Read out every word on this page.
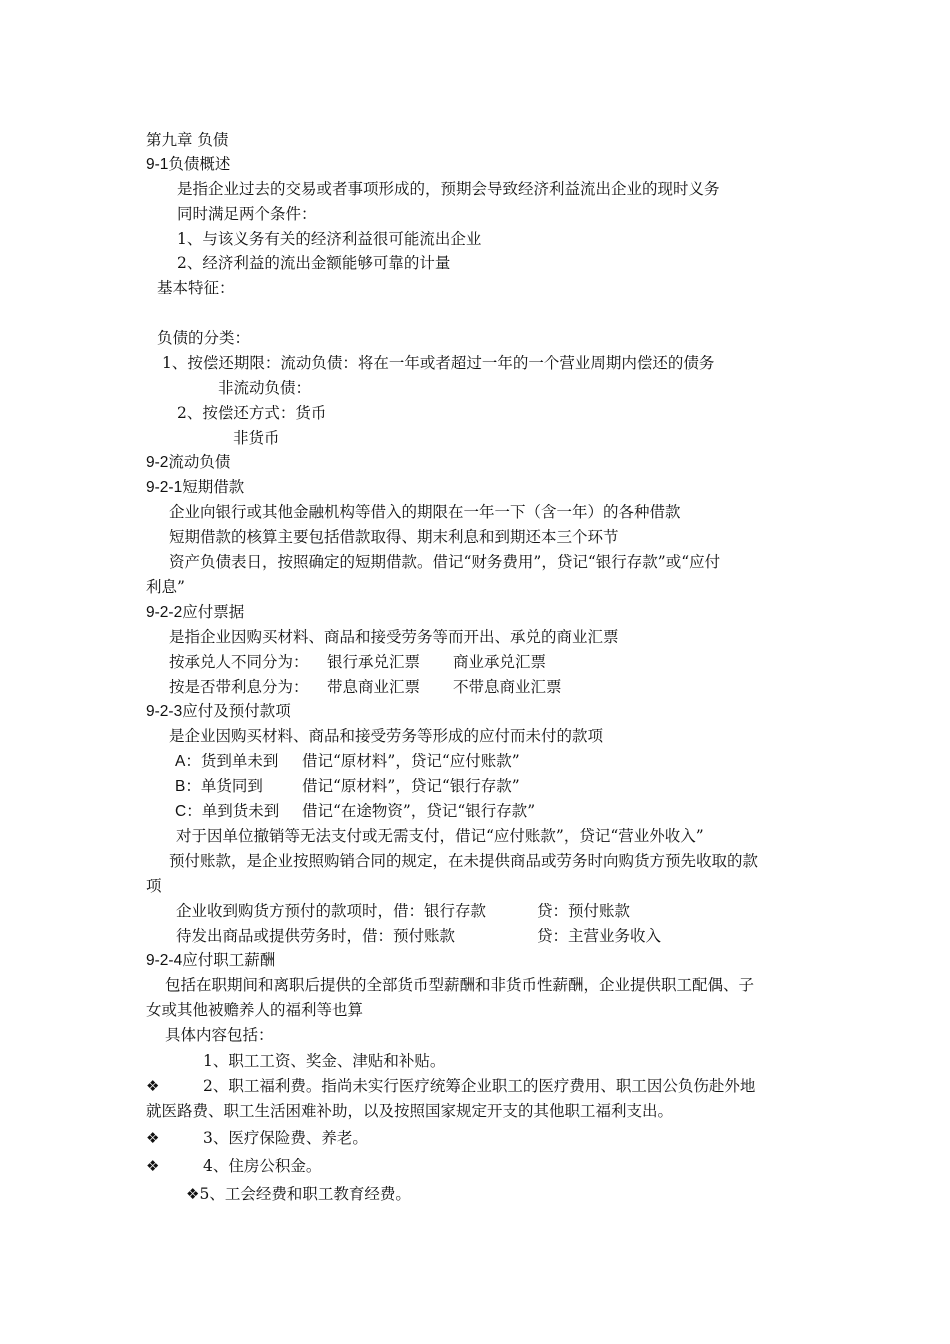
第九章 负债
9-1负债概述
是指企业过去的交易或者事项形成的，预期会导致经济利益流出企业的现时义务
同时满足两个条件：
1、与该义务有关的经济利益很可能流出企业
2、经济利益的流出金额能够可靠的计量
基本特征：
负债的分类：
1、按偿还期限：流动负债：将在一年或者超过一年的一个营业周期内偿还的债务
非流动负债：
2、按偿还方式：货币
非货币
9-2流动负债
9-2-1短期借款
企业向银行或其他金融机构等借入的期限在一年一下（含一年）的各种借款
短期借款的核算主要包括借款取得、期末利息和到期还本三个环节
资产负债表日，按照确定的短期借款。借记“财务费用”，贷记“银行存款”或“应付
利息”
9-2-2应付票据
是指企业因购买材料、商品和接受劳务等而开出、承兑的商业汇票
按承兑人不同分为： 银行承兑汇票 商业承兑汇票
按是否带利息分为： 带息商业汇票 不带息商业汇票
9-2-3应付及预付款项
是企业因购买材料、商品和接受劳务等形成的应付而未付的款项
A：货到单未到 借记“原材料”，贷记“应付账款”
B：单货同到	借记“原材料”，贷记“银行存款”
C：单到货未到 借记“在途物资”，贷记“银行存款”
对于因单位撤销等无法支付或无需支付，借记“应付账款”，贷记“营业外收入”
预付账款，是企业按照购销合同的规定，在未提供商品或劳务时向购货方预先收取的款
项
企业收到购货方预付的款项时，借：银行存款	贷：预付账款
待发出商品或提供劳务时，借：预付账款	贷：主营业务收入
9-2-4应付职工薪酬
包括在职期间和离职后提供的全部货币型薪酬和非货币性薪酬，企业提供职工配偶、子
女或其他被赡养人的福利等也算
具体内容包括：
1、职工工资、奖金、津贴和补贴。
❖	2、职工福利费。指尚未实行医疗统筹企业职工的医疗费用、职工因公负伤赴外地
就医路费、职工生活困难补助，以及按照国家规定开支的其他职工福利支出。
❖	3、医疗保险费、养老。
❖	4、住房公积金。
❖5、工会经费和职工教育经费。
